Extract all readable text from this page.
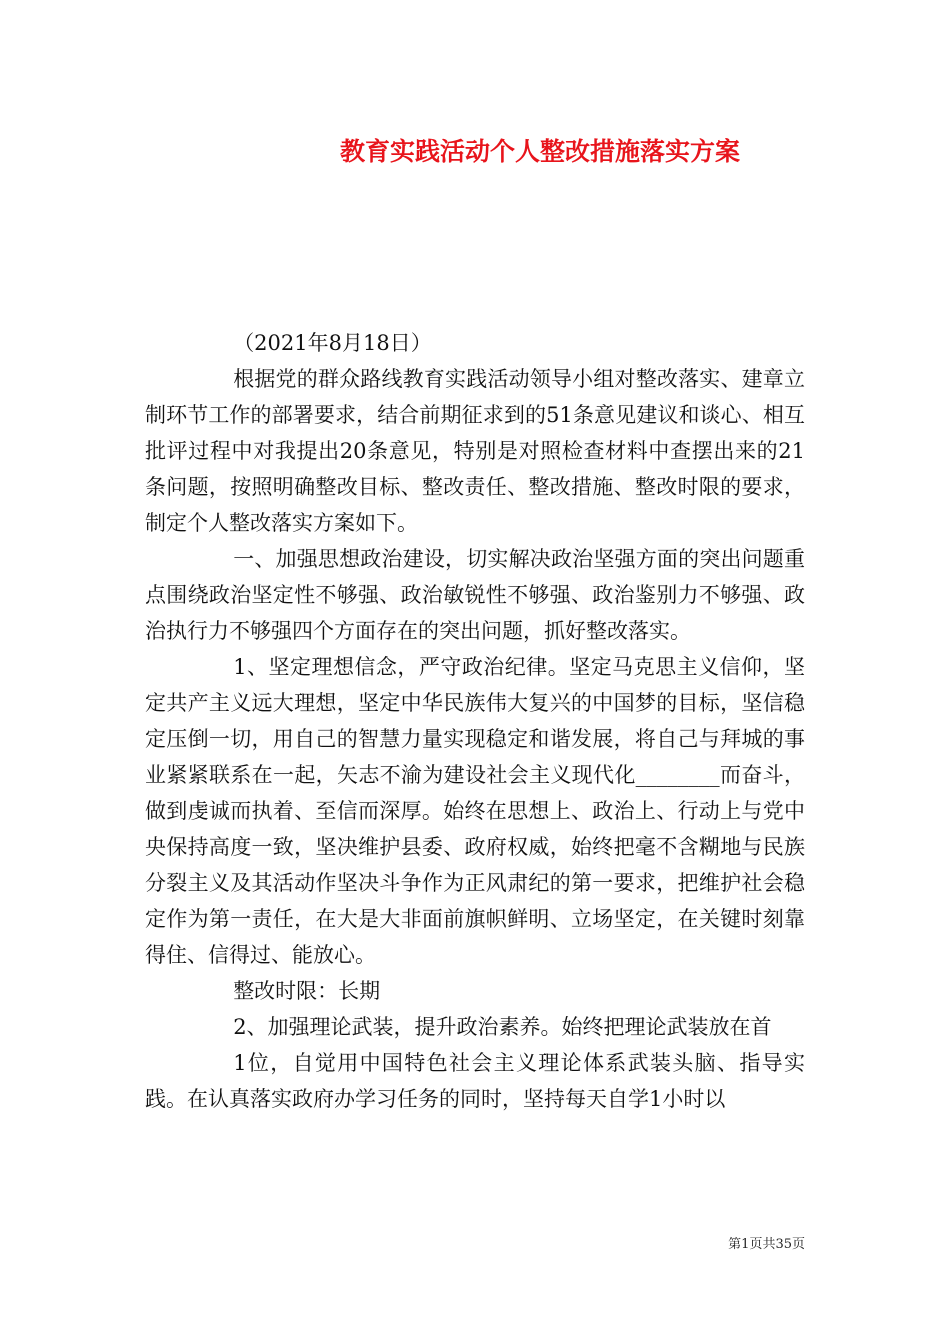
教育实践活动个人整改措施落实方案

（2021年8月18日）

根据党的群众路线教育实践活动领导小组对整改落实、建章立制环节工作的部署要求，结合前期征求到的51条意见建议和谈心、相互批评过程中对我提出20条意见，特别是对照检查材料中查摆出来的21条问题，按照明确整改目标、整改责任、整改措施、整改时限的要求，制定个人整改落实方案如下。

一、加强思想政治建设，切实解决政治坚强方面的突出问题重点围绕政治坚定性不够强、政治敏锐性不够强、政治鉴别力不够强、政治执行力不够强四个方面存在的突出问题，抓好整改落实。

1、坚定理想信念，严守政治纪律。坚定马克思主义信仰，坚定共产主义远大理想，坚定中华民族伟大复兴的中国梦的目标，坚信稳定压倒一切，用自己的智慧力量实现稳定和谐发展，将自己与拜城的事业紧紧联系在一起，矢志不渝为建设社会主义现代化________而奋斗，做到虔诚而执着、至信而深厚。始终在思想上、政治上、行动上与党中央保持高度一致，坚决维护县委、政府权威，始终把毫不含糊地与民族分裂主义及其活动作坚决斗争作为正风肃纪的第一要求，把维护社会稳定作为第一责任，在大是大非面前旗帜鲜明、立场坚定，在关键时刻靠得住、信得过、能放心。

整改时限：长期

2、加强理论武装，提升政治素养。始终把理论武装放在首

1位，自觉用中国特色社会主义理论体系武装头脑、指导实践。在认真落实政府办学习任务的同时，坚持每天自学1小时以

第1页共35页
